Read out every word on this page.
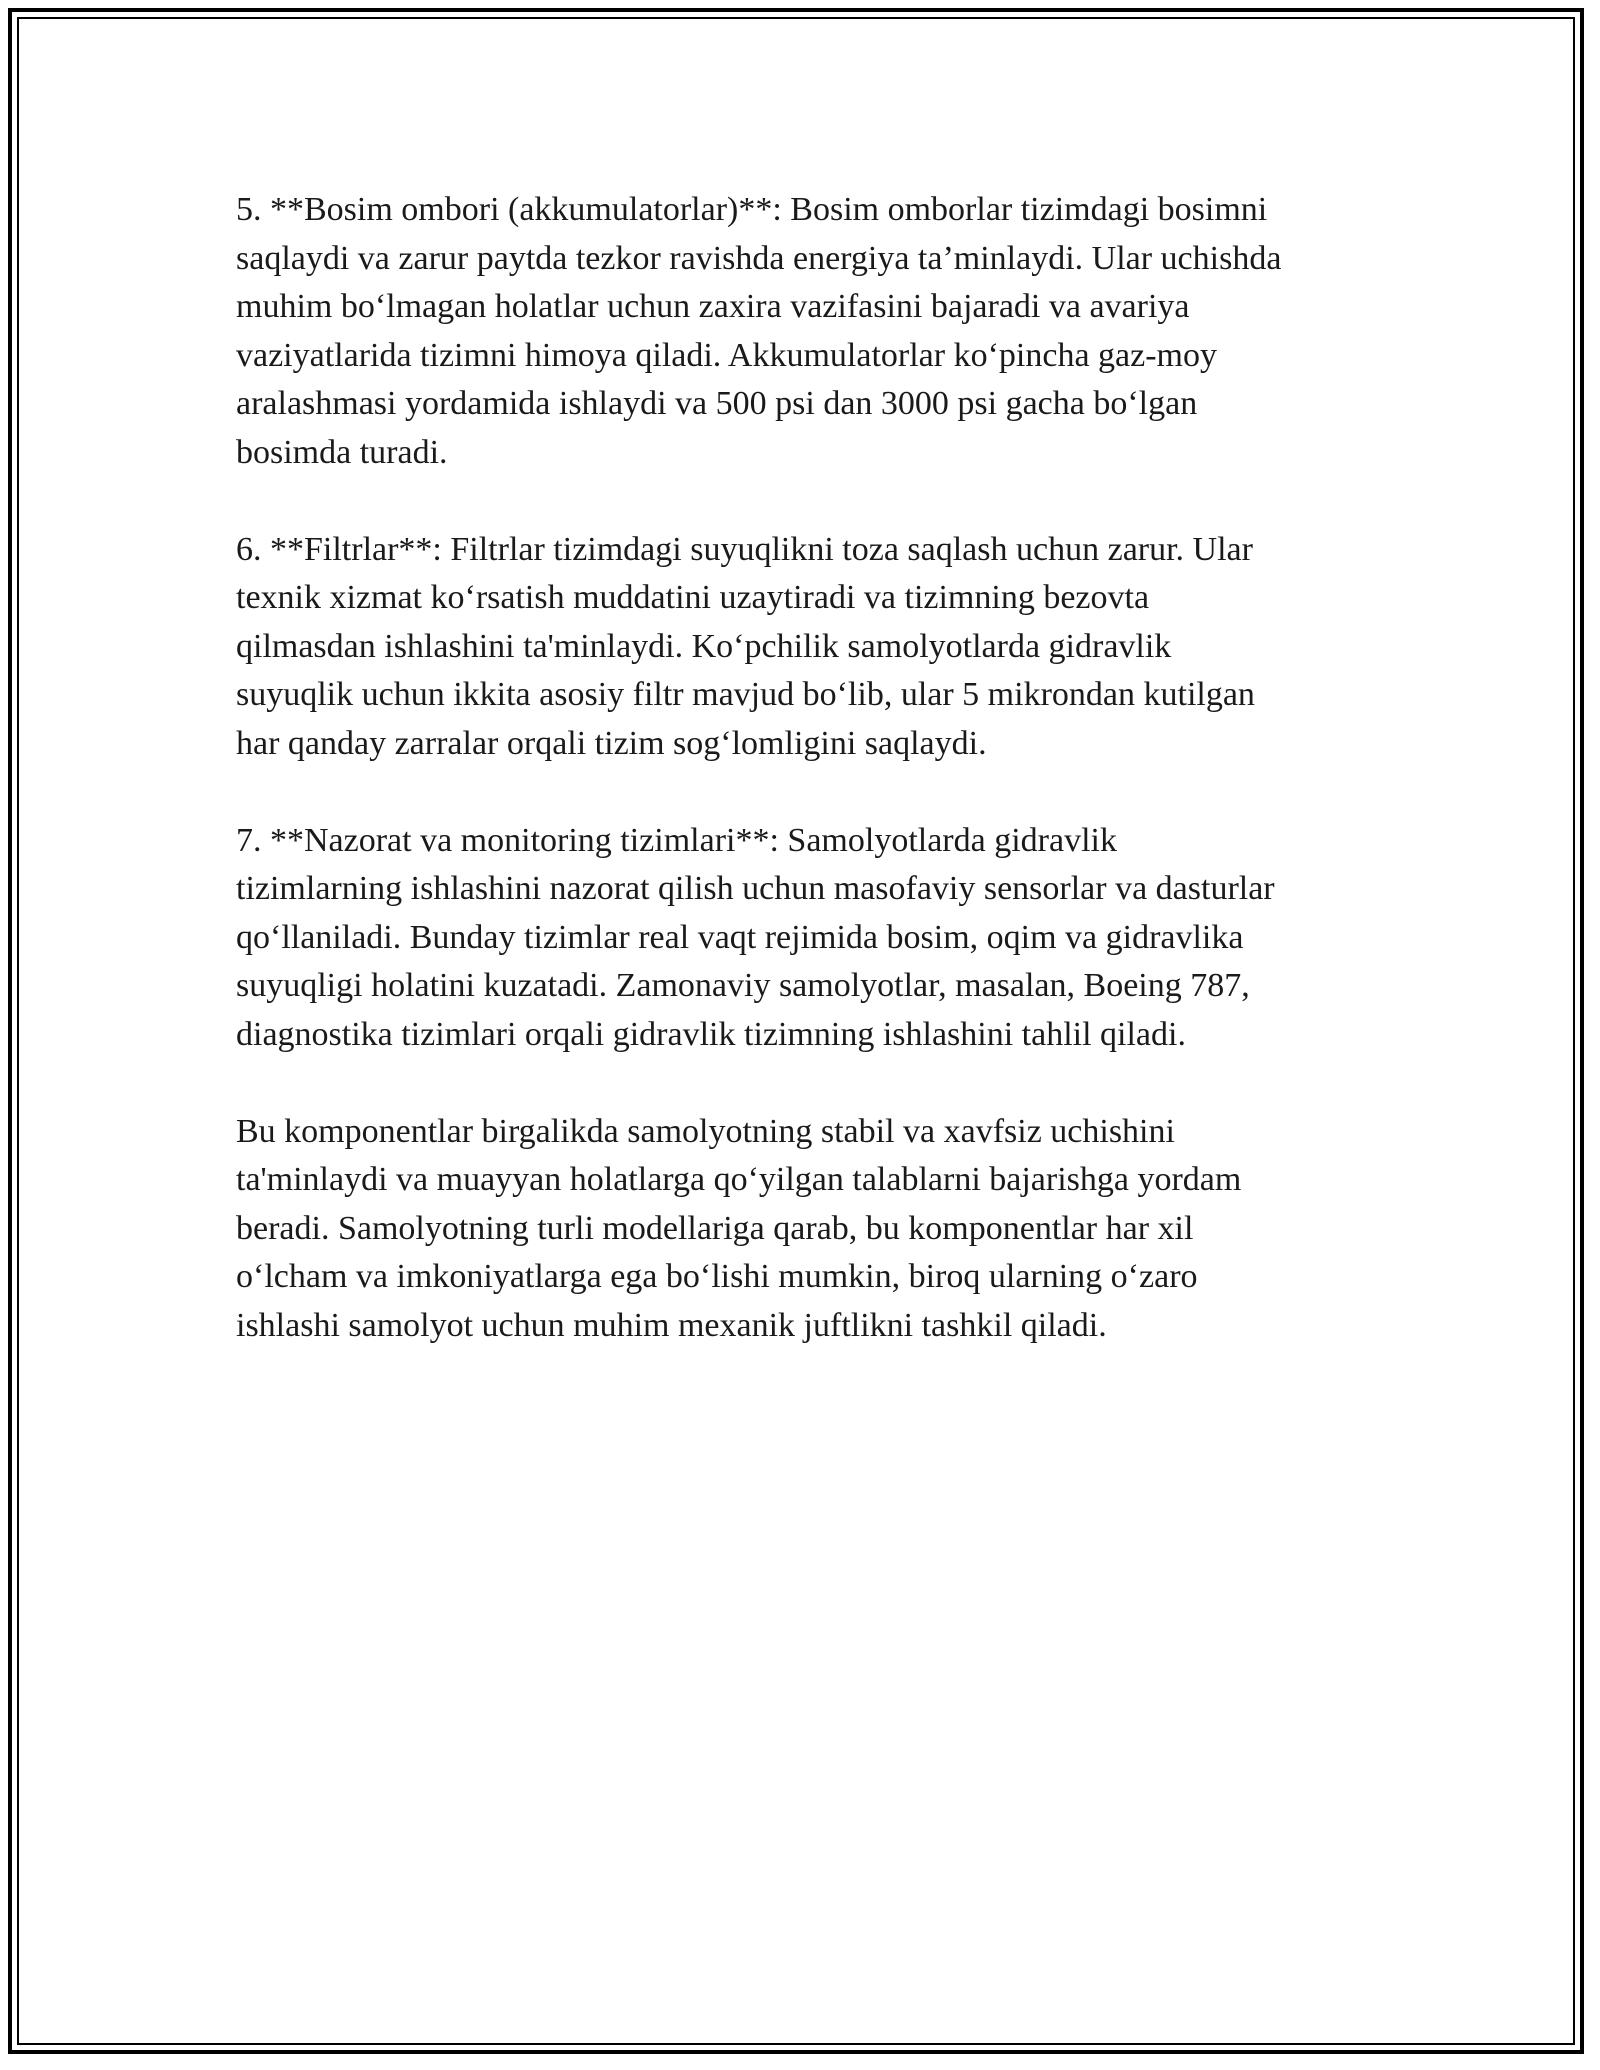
5. **Bosim ombori (akkumulatorlar)**: Bosim omborlar tizimdagi bosimni
saqlaydi va zarur paytda tezkor ravishda energiya ta’minlaydi. Ular uchishda
muhim bo‘lmagan holatlar uchun zaxira vazifasini bajaradi va avariya
vaziyatlarida tizimni himoya qiladi. Akkumulatorlar ko‘pincha gaz-moy
aralashmasi yordamida ishlaydi va 500 psi dan 3000 psi gacha bo‘lgan
bosimda turadi.

6. **Filtrlar**: Filtrlar tizimdagi suyuqlikni toza saqlash uchun zarur. Ular
texnik xizmat ko‘rsatish muddatini uzaytiradi va tizimning bezovta
qilmasdan ishlashini ta'minlaydi. Ko‘pchilik samolyotlarda gidravlik
suyuqlik uchun ikkita asosiy filtr mavjud bo‘lib, ular 5 mikrondan kutilgan
har qanday zarralar orqali tizim sog‘lomligini saqlaydi.

7. **Nazorat va monitoring tizimlari**: Samolyotlarda gidravlik
tizimlarning ishlashini nazorat qilish uchun masofaviy sensorlar va dasturlar
qo‘llaniladi. Bunday tizimlar real vaqt rejimida bosim, oqim va gidravlika
suyuqligi holatini kuzatadi. Zamonaviy samolyotlar, masalan, Boeing 787,
diagnostika tizimlari orqali gidravlik tizimning ishlashini tahlil qiladi.

Bu komponentlar birgalikda samolyotning stabil va xavfsiz uchishini
ta'minlaydi va muayyan holatlarga qo‘yilgan talablarni bajarishga yordam
beradi. Samolyotning turli modellariga qarab, bu komponentlar har xil
o‘lcham va imkoniyatlarga ega bo‘lishi mumkin, biroq ularning o‘zaro
ishlashi samolyot uchun muhim mexanik juftlikni tashkil qiladi.
